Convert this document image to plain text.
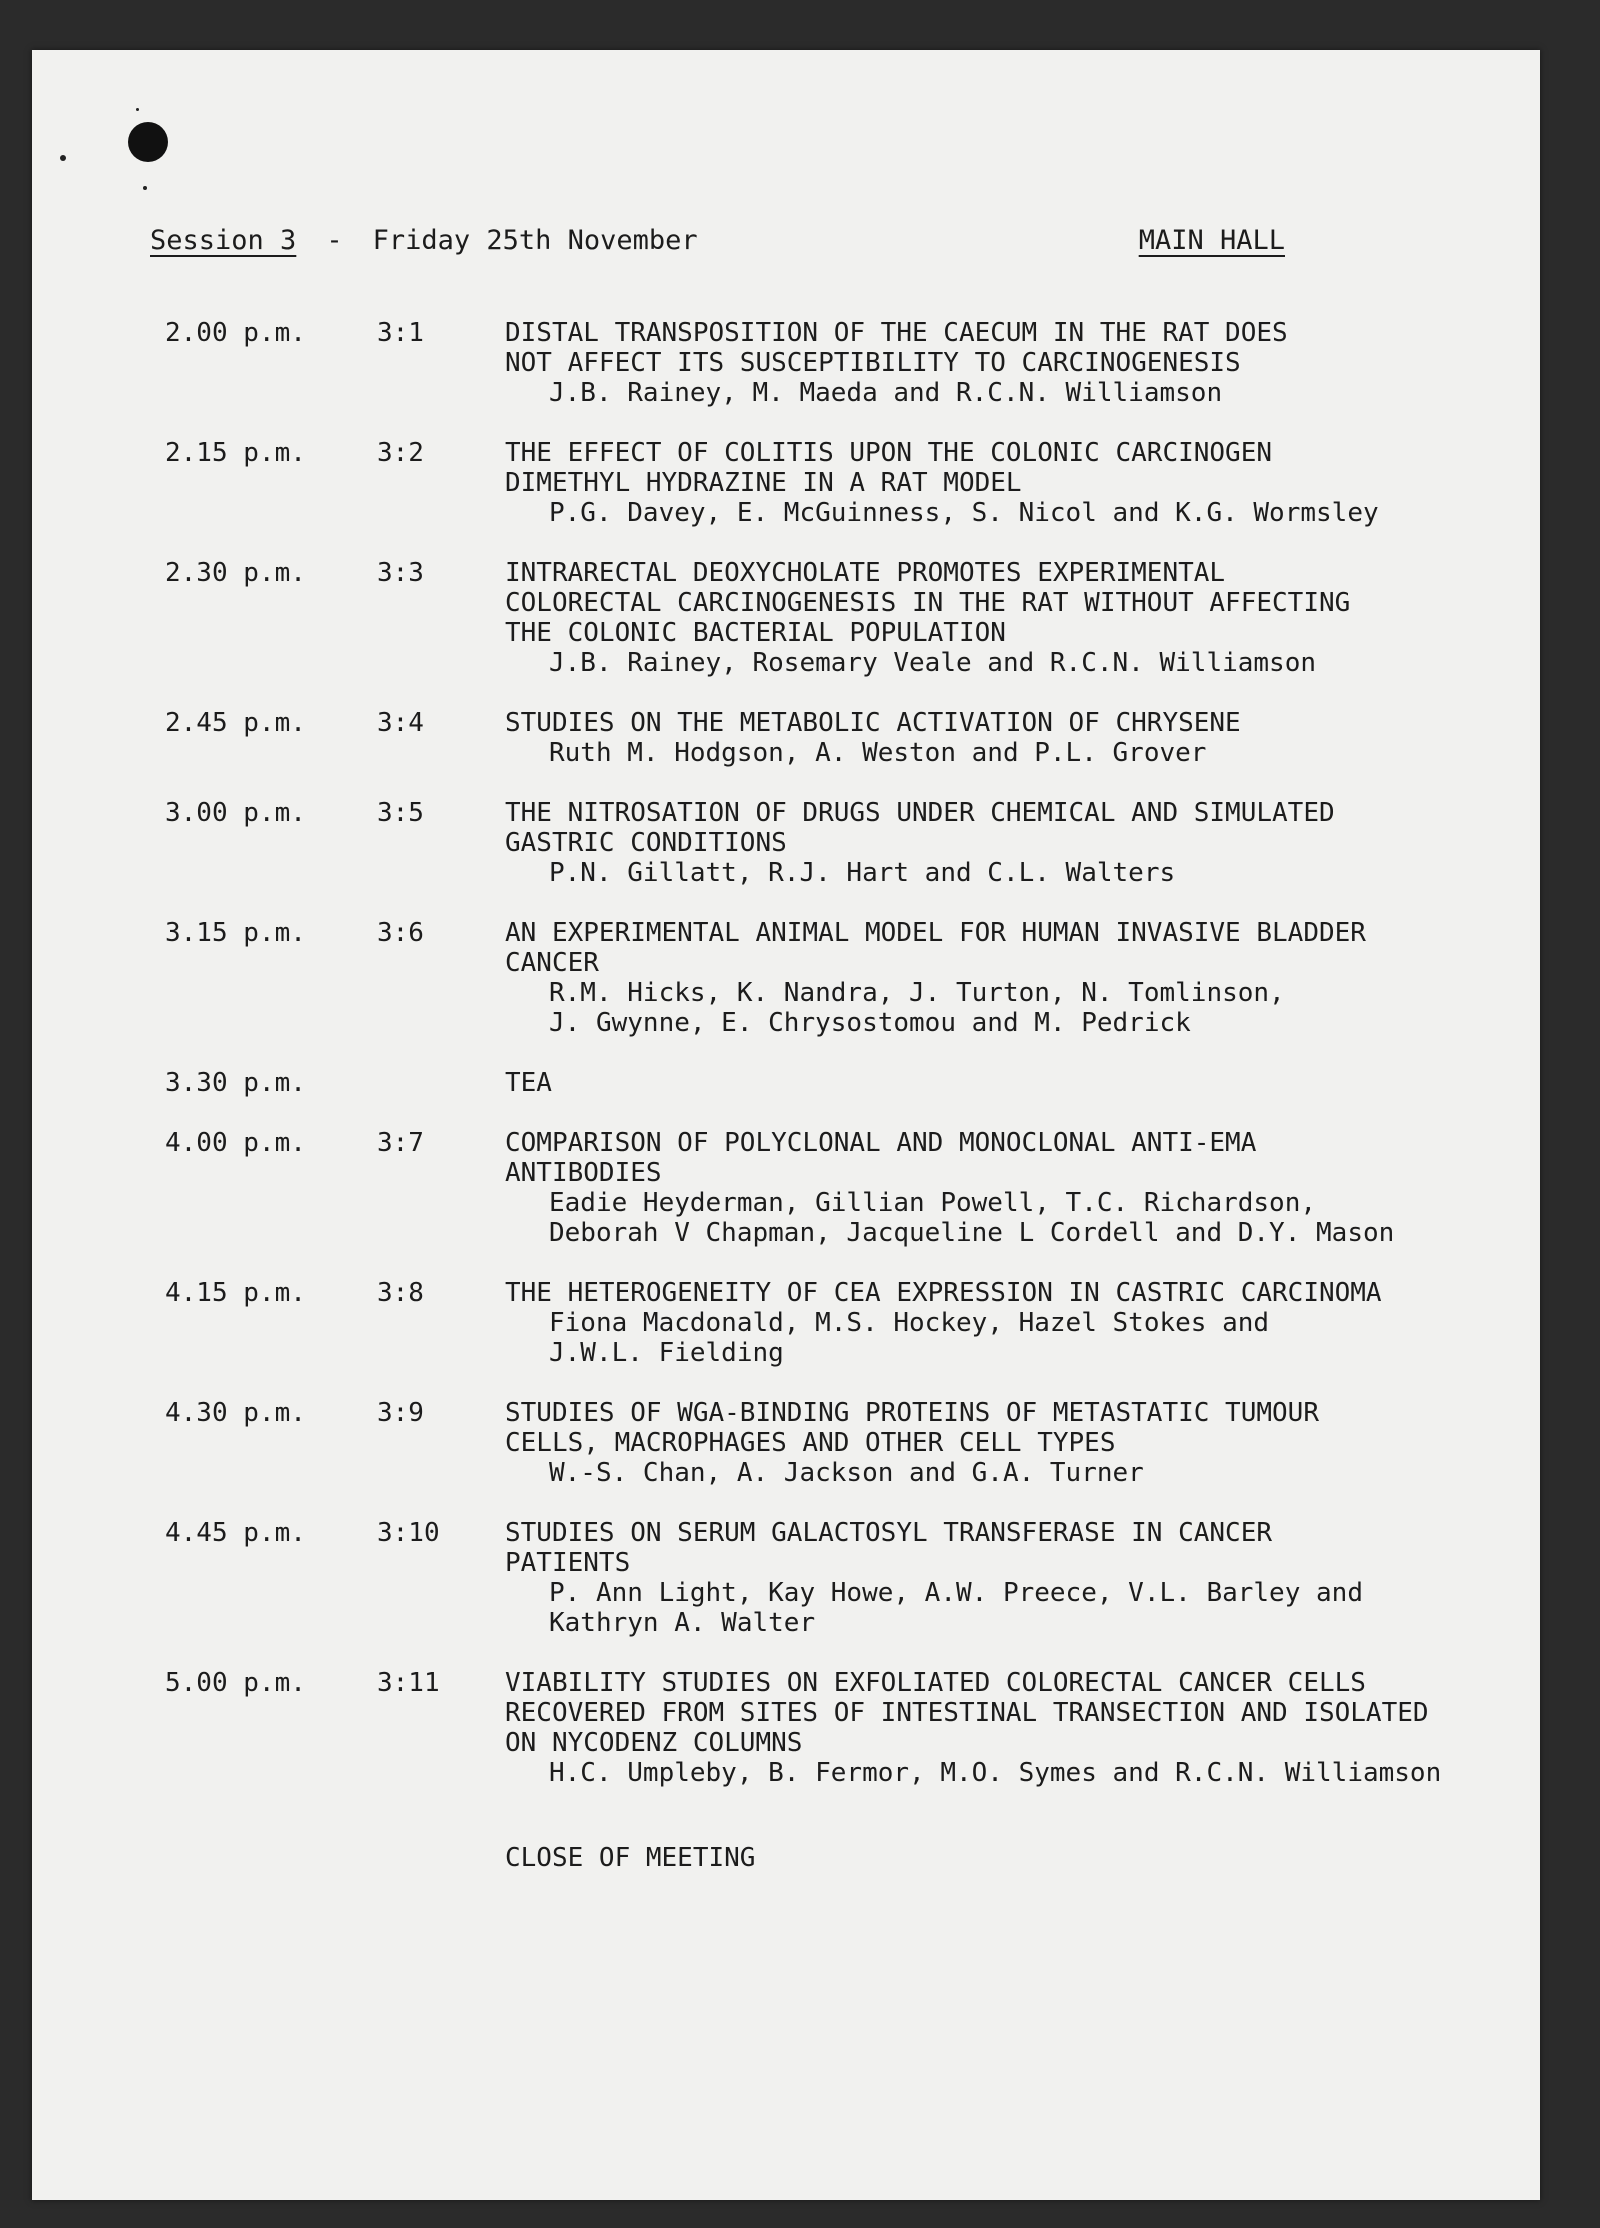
Session 3 - Friday 25th November	MAIN HALL
2.00 p.m.	3:1	DISTAL TRANSPOSITION OF THE CAECUM IN THE RAT DOES
NOT AFFECT ITS SUSCEPTIBILITY TO CARCINOGENESIS
J.B. Rainey, M. Maeda and R.C.N. Williamson
2.15 p.m.	3:2	THE EFFECT OF COLITIS UPON THE COLONIC CARCINOGEN
DIMETHYL HYDRAZINE IN A RAT MODEL
P.G. Davey, E. McGuinness, S. Nicol and K.G. Wormsley
2.30 p.m.	3:3	INTRARECTAL DEOXYCHOLATE PROMOTES EXPERIMENTAL
COLORECTAL CARCINOGENESIS IN THE RAT WITHOUT AFFECTING
THE COLONIC BACTERIAL POPULATION
J.B. Rainey, Rosemary Veale and R.C.N. Williamson
2.45 p.m.	3:4	STUDIES ON THE METABOLIC ACTIVATION OF CHRYSENE
Ruth M. Hodgson, A. Weston and P.L. Grover
3.00 p.m.	3:5	THE NITROSATION OF DRUGS UNDER CHEMICAL AND SIMULATED
GASTRIC CONDITIONS
P.N. Gillatt, R.J. Hart and C.L. Walters
3.15 p.m.	3:6	AN EXPERIMENTAL ANIMAL MODEL FOR HUMAN INVASIVE BLADDER
CANCER
R.M. Hicks, K. Nandra, J. Turton, N. Tomlinson,
J. Gwynne, E. Chrysostomou and M. Pedrick
3.30 p.m.	TEA
4.00 p.m.	3:7	COMPARISON OF POLYCLONAL AND MONOCLONAL ANTI-EMA
ANTIBODIES
Eadie Heyderman, Gillian Powell, T.C. Richardson,
Deborah V Chapman, Jacqueline L Cordell and D.Y. Mason
4.15 p.m.	3:8	THE HETEROGENEITY OF CEA EXPRESSION IN CASTRIC CARCINOMA
Fiona Macdonald, M.S. Hockey, Hazel Stokes and
J.W.L. Fielding
4.30 p.m.	3:9	STUDIES OF WGA-BINDING PROTEINS OF METASTATIC TUMOUR
CELLS, MACROPHAGES AND OTHER CELL TYPES
W.-S. Chan, A. Jackson and G.A. Turner
4.45 p.m.	3:10	STUDIES ON SERUM GALACTOSYL TRANSFERASE IN CANCER
PATIENTS
P. Ann Light, Kay Howe, A.W. Preece, V.L. Barley and
Kathryn A. Walter
5.00 p.m.	3:11	VIABILITY STUDIES ON EXFOLIATED COLORECTAL CANCER CELLS
RECOVERED FROM SITES OF INTESTINAL TRANSECTION AND ISOLATED
ON NYCODENZ COLUMNS
H.C. Umpleby, B. Fermor, M.O. Symes and R.C.N. Williamson
CLOSE OF MEETING
